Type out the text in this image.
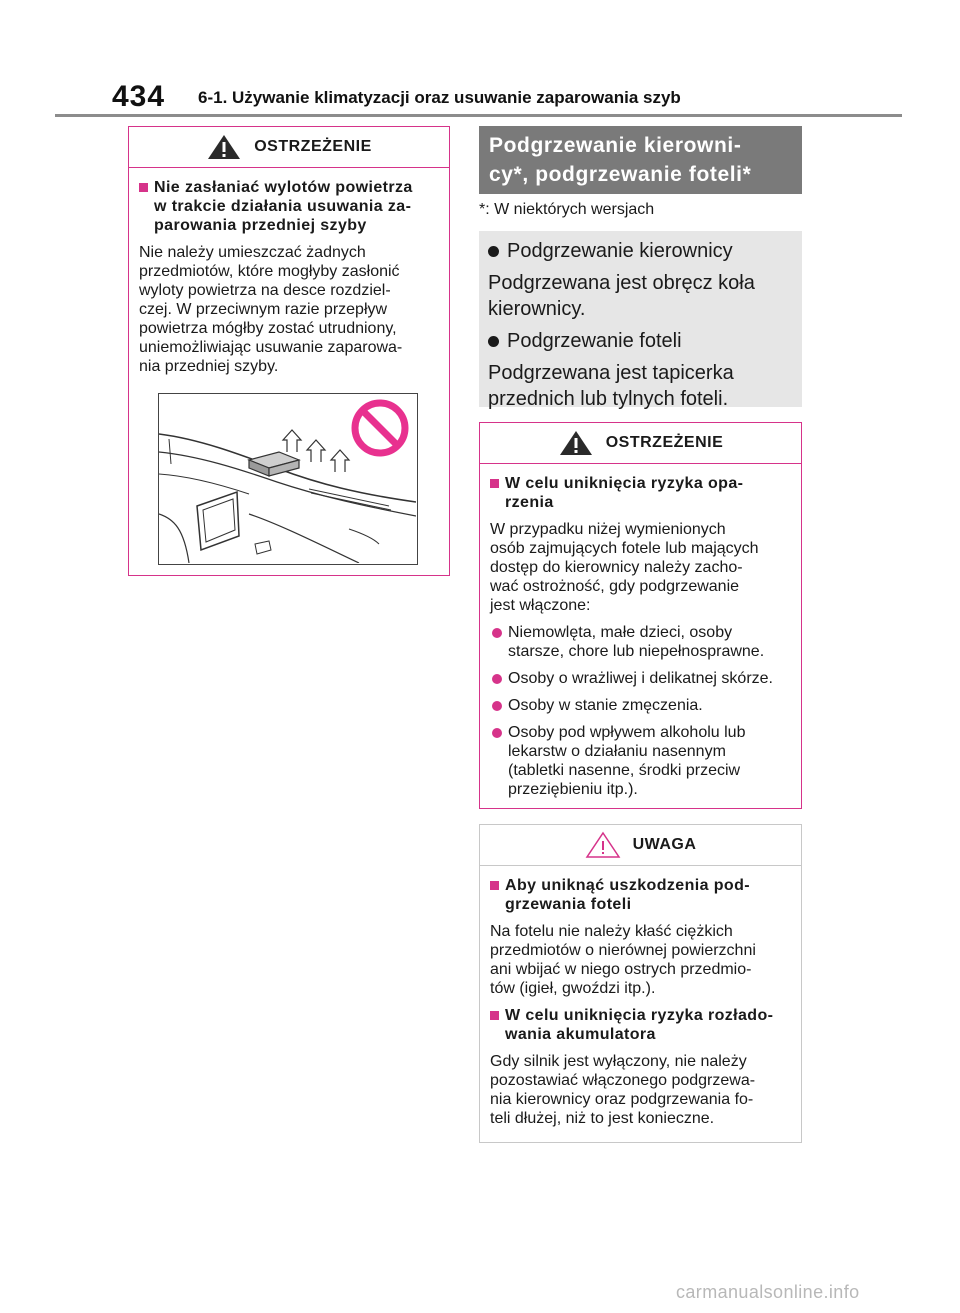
434 6-1. Używanie klimatyzacji oraz usuwanie zaparowania szyb
OSTRZEŻENIE
Nie zasłaniać wylotów powietrza
w trakcie działania usuwania za-
parowania przedniej szyby
Nie należy umieszczać żadnych
przedmiotów, które mogłyby zasłonić
wyloty powietrza na desce rozdziel-
czej. W przeciwnym razie przepływ
powietrza mógłby zostać utrudniony,
uniemożliwiając usuwanie zaparowa-
nia przedniej szyby.
Podgrzewanie kierowni-
cy*, podgrzewanie foteli*
*: W niektórych wersjach
Podgrzewanie kierownicy
Podgrzewana jest obręcz koła
kierownicy.
Podgrzewanie foteli
Podgrzewana jest tapicerka
przednich lub tylnych foteli.
OSTRZEŻENIE
W celu uniknięcia ryzyka opa-
rzenia
W przypadku niżej wymienionych
osób zajmujących fotele lub mających
dostęp do kierownicy należy zacho-
wać ostrożność, gdy podgrzewanie
jest włączone:
Niemowlęta, małe dzieci, osoby
starsze, chore lub niepełnosprawne.
Osoby o wrażliwej i delikatnej skórze.
Osoby w stanie zmęczenia.
Osoby pod wpływem alkoholu lub
lekarstw o działaniu nasennym
(tabletki nasenne, środki przeciw
przeziębieniu itp.).
UWAGA
Aby uniknąć uszkodzenia pod-
grzewania foteli
Na fotelu nie należy kłaść ciężkich
przedmiotów o nierównej powierzchni
ani wbijać w niego ostrych przedmio-
tów (igieł, gwoździ itp.).
W celu uniknięcia ryzyka rozłado-
wania akumulatora
Gdy silnik jest wyłączony, nie należy
pozostawiać włączonego podgrzewa-
nia kierownicy oraz podgrzewania fo-
teli dłużej, niż to jest konieczne.
carmanualsonline.info
